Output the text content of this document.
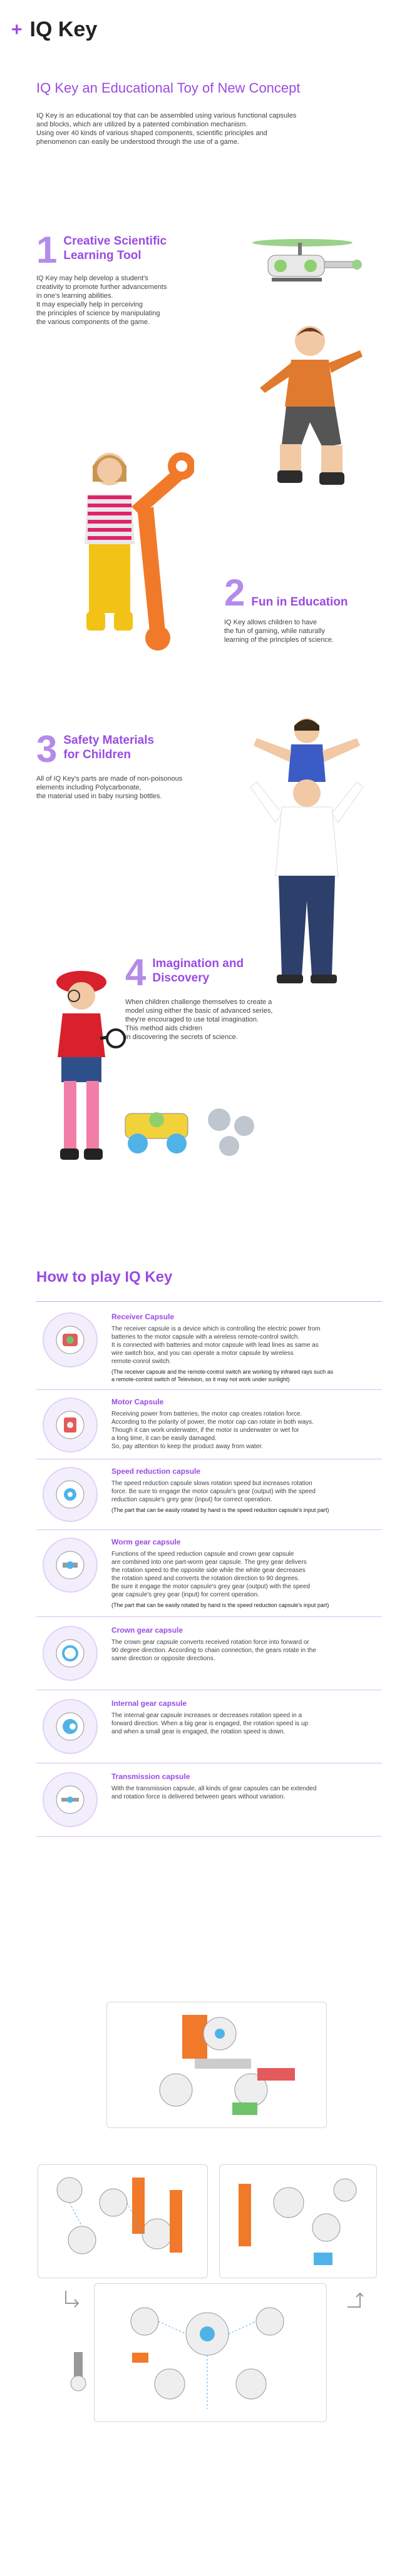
+ IQ Key
IQ Key an Educational Toy of New Concept
IQ Key is an educational toy that can be assembled using various functional capsules
and blocks, which are utilized by a patented combination mechanism.
Using over 40 kinds of various shaped components, scientific principles and
phenomenon can easily be understood through the use of a game.
1 Creative Scientific
Learning Tool
IQ Key may help develop a student's
creativity to promote further advancements
in one's learning abilities.
It may especially help in perceiving
the principles of science by manipulating
the various components of the game.
2 Fun in Education
IQ Key allows children to have
the fun of gaming, while naturally
learning of the principles of science.
3 Safety Materials
for Children
All of IQ Key's parts are made of non-poisonous
elements including Polycarbonate,
the material used in baby nursing bottles.
4 Imagination and
Discovery
When children challenge themselves to create a
model using either the basic of advanced series,
they're encouraged to use total imagination.
This method aids chidren
in discovering the secrets of science.
How to play IQ Key
Receiver Capsule
The receiver capsule is a device which is controlling the electric power from
batteries to the motor capsule with a wireless remote-control switch.
It is connected with batteries and motor capsule with lead lines as same as
wire switch box, and you can operate a motor capsule by wireless
remote-conrol switch.
(The receiver capsule and the remote-control switch are working by infrared rays such as
a remote-control switch of Television, so it may not work under sunlight)
Motor Capsule
Receiving power from batteries, the motor cap creates rotation force.
According to the polarity of power, the motor cap can rotate in both ways.
Though it can work underwater, if the motor is underwater or wet for
a long time, it can be easily damaged.
So, pay attention to keep the product away from water.
Speed reduction capsule
The speed reduction capsule slows rotation speed but increases rotation
force. Be sure to engage the motor capsule's gear (output) with the speed
reduction capsule's grey gear (input) for correct operation.
(The part that can be easily rotated by hand is the speed reduction capsule's input part)
Worm gear capsule
Functions of the speed reduction capsule and crown gear capsule
are combined into one part-worm gear capsule. The grey gear delivers
the rotation speed to the opposite side while the white gear decreases
the rotation speed and converts the rotation direction to 90 degrees.
Be sure it engage the motor capsule's grey gear (output) with the speed
gear capsule's grey gear (input) for corrent operation.
(The part that can be easily rotated by hand is the speed reduction capsule's input part)
Crown gear capsule
The crown gear capsule converts received rotation force into forward or
90 degree direction. According to chain connection, the gears rotate in the
same direction or opposite directions.
Internal gear capsule
The internal gear capsule increases or decreases rotation speed in a
forward direction. When a big gear is engaged, the rotation speed is up
and when a small gear is engaged, the rotation speed is down.
Transmission capsule
With the transmission capsule, all kinds of gear capsules can be extended
and rotation force is delivered between gears without variation.
